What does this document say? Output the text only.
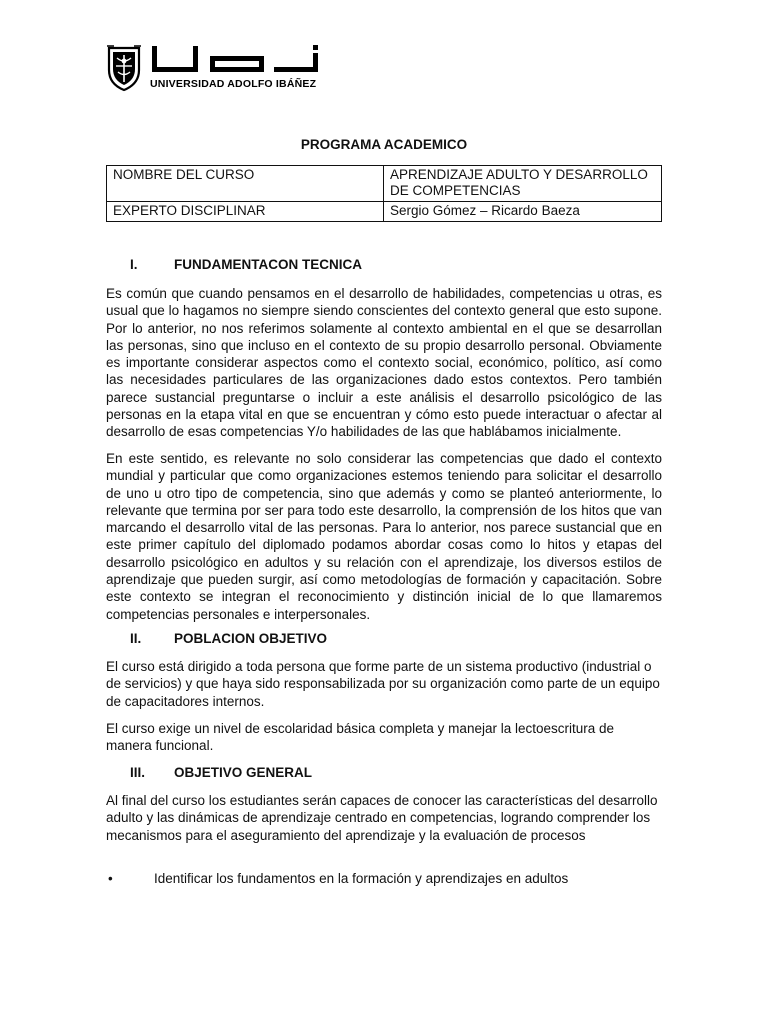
UNIVERSIDAD ADOLFO IBÁÑEZ
PROGRAMA ACADEMICO
NOMBRE DEL CURSO	APRENDIZAJE ADULTO Y DESARROLLO DE COMPETENCIAS
EXPERTO DISCIPLINAR	Sergio Gómez – Ricardo Baeza
I.	FUNDAMENTACON TECNICA
Es común que cuando pensamos en el desarrollo de habilidades, competencias u otras, es usual que lo hagamos no siempre siendo conscientes del contexto general que esto supone. Por lo anterior, no nos referimos solamente al contexto ambiental en el que se desarrollan las personas, sino que incluso en el contexto de su propio desarrollo personal. Obviamente es importante considerar aspectos como el contexto social, económico, político, así como las necesidades particulares de las organizaciones dado estos contextos. Pero también parece sustancial preguntarse o incluir a este análisis el desarrollo psicológico de las personas en la etapa vital en que se encuentran y cómo esto puede interactuar o afectar al desarrollo de esas competencias Y/o habilidades de las que hablábamos inicialmente.
En este sentido, es relevante no solo considerar las competencias que dado el contexto mundial y particular que como organizaciones estemos teniendo para solicitar el desarrollo de uno u otro tipo de competencia, sino que además y como se planteó anteriormente, lo relevante que termina por ser para todo este desarrollo, la comprensión de los hitos que van marcando el desarrollo vital de las personas. Para lo anterior, nos parece sustancial que en este primer capítulo del diplomado podamos abordar cosas como lo hitos y etapas del desarrollo psicológico en adultos y su relación con el aprendizaje, los diversos estilos de aprendizaje que pueden surgir, así como metodologías de formación y capacitación. Sobre este contexto se integran el reconocimiento y distinción inicial de lo que llamaremos competencias personales e interpersonales.
II. POBLACION OBJETIVO
El curso está dirigido a toda persona que forme parte de un sistema productivo (industrial o de servicios) y que haya sido responsabilizada por su organización como parte de un equipo de capacitadores internos.
El curso exige un nivel de escolaridad básica completa y manejar la lectoescritura de manera funcional.
III. OBJETIVO GENERAL
Al final del curso los estudiantes serán capaces de conocer las características del desarrollo adulto y las dinámicas de aprendizaje centrado en competencias, logrando comprender los mecanismos para el aseguramiento del aprendizaje y la evaluación de procesos
•	Identificar los fundamentos en la formación y aprendizajes en adultos
